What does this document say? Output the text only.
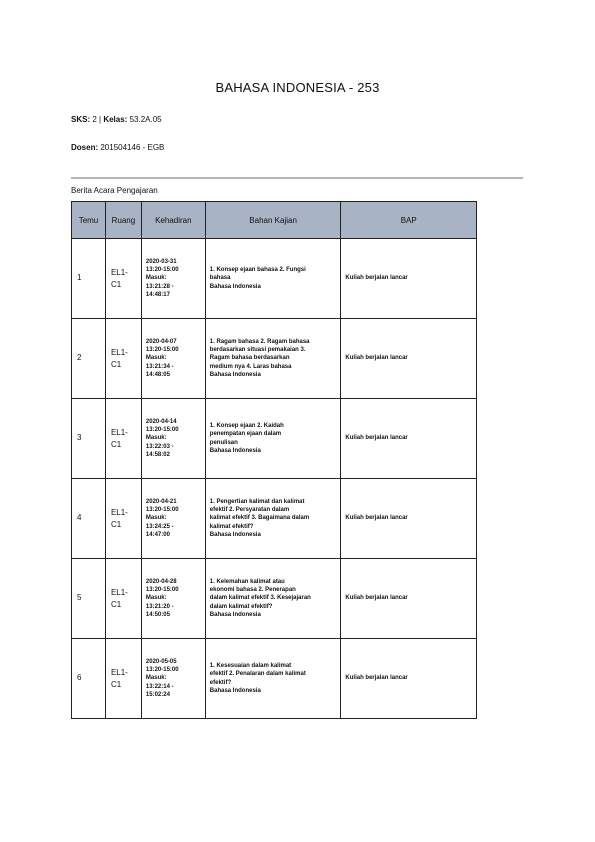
BAHASA INDONESIA - 253
SKS: 2 | Kelas: 53.2A.05
Dosen: 201504146 - EGB
Berita Acara Pengajaran
Temu	Ruang	Kehadiran	Bahan Kajian	BAP
1	EL1-C1	2020-03-31
13:20-15:00
Masuk:
13:21:28 -
14:48:17	1. Konsep ejaan bahasa 2. Fungsi
bahasa
Bahasa Indonesia	Kuliah berjalan lancar
2	EL1-C1	2020-04-07
13:20-15:00
Masuk:
13:21:34 -
14:48:05	1. Ragam bahasa 2. Ragam bahasa
berdasarkan situasi pemakaian 3.
Ragam bahasa berdasarkan
medium nya 4. Laras bahasa
Bahasa Indonesia	Kuliah berjalan lancar
3	EL1-C1	2020-04-14
13:20-15:00
Masuk:
13:22:03 -
14:58:02	1. Konsep ejaan 2. Kaidah
penempatan ejaan dalam
penulisan
Bahasa Indonesia	Kuliah berjalan lancar
4	EL1-C1	2020-04-21
13:20-15:00
Masuk:
13:24:25 -
14:47:00	1. Pengertian kalimat dan kalimat
efektif 2. Persyaratan dalam
kalimat efektif 3. Bagaimana dalam
kalimat efektif?
Bahasa Indonesia	Kuliah berjalan lancar
5	EL1-C1	2020-04-28
13:20-15:00
Masuk:
13:21:20 -
14:50:05	1. Kelemahan kalimat atau
ekonomi bahasa 2. Penerapan
dalam kalimat efektif 3. Kesejajaran
dalam kalimat efektif?
Bahasa Indonesia	Kuliah berjalan lancar
6	EL1-C1	2020-05-05
13:20-15:00
Masuk:
13:22:14 -
15:02:24	1. Kesesuaian dalam kalimat
efektif 2. Penalaran dalam kalimat
efektif?
Bahasa Indonesia	Kuliah berjalan lancar
